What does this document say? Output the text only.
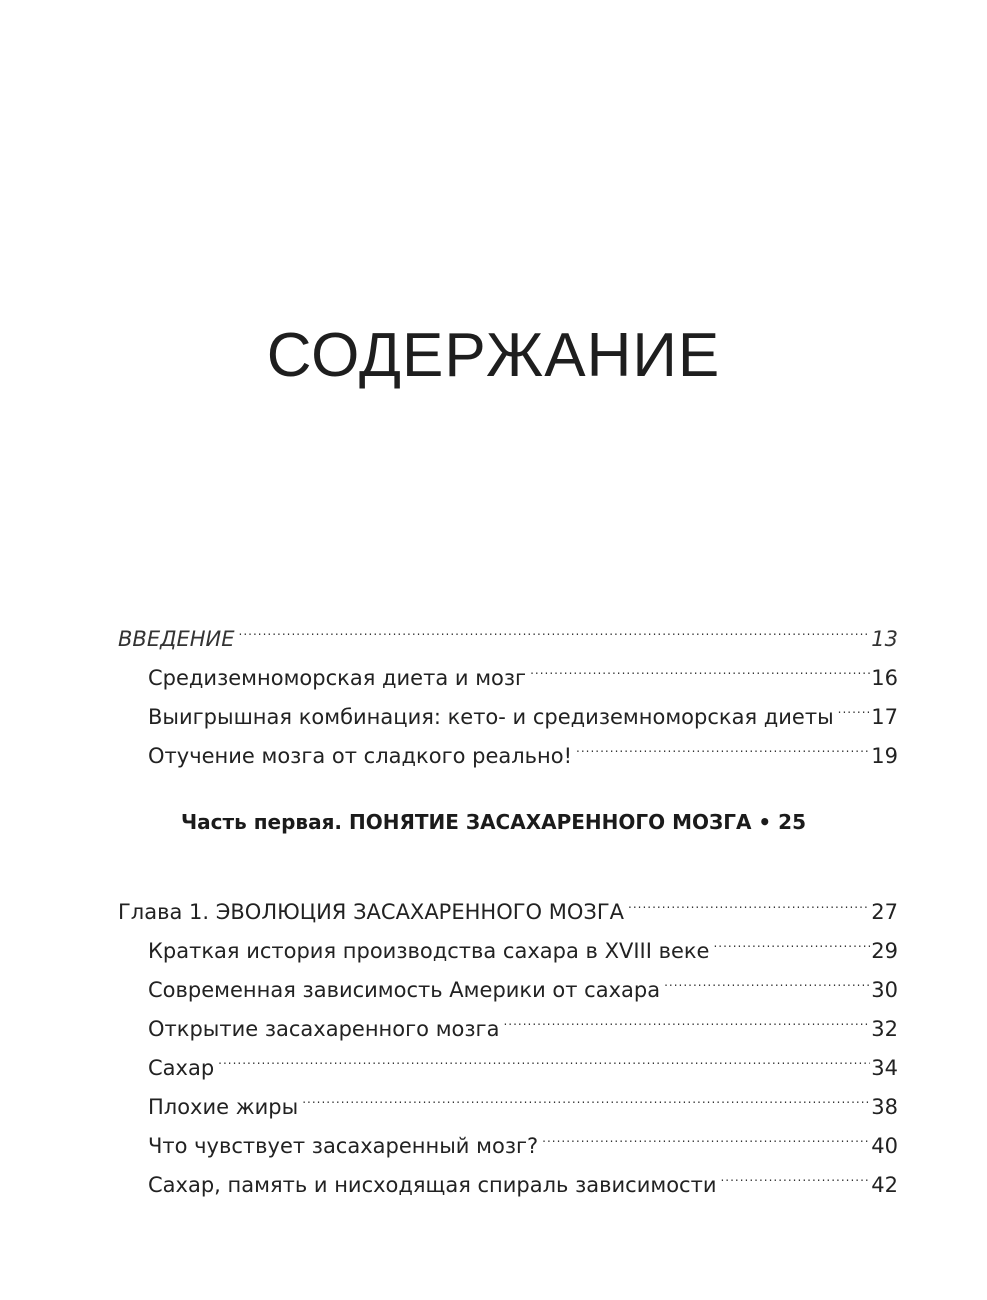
СОДЕРЖАНИЕ
ВВЕДЕНИЕ .....	13
Средиземноморская диета и мозг .....	16
Выигрышная комбинация: кето- и средиземноморская диеты ..... 17
Отучение мозга от сладкого реально! .....	19
Часть первая. ПОНЯТИЕ ЗАСАХАРЕННОГО МОЗГА • 25
Глава 1. ЭВОЛЮЦИЯ ЗАСАХАРЕННОГО МОЗГА .....	27
Краткая история производства сахара в XVIII веке .....	29
Современная зависимость Америки от сахара .....	30
Открытие засахаренного мозга .....	32
Сахар .....	34
Плохие жиры .....	38
Что чувствует засахаренный мозг? .....	40
Сахар, память и нисходящая спираль зависимости .....	42
